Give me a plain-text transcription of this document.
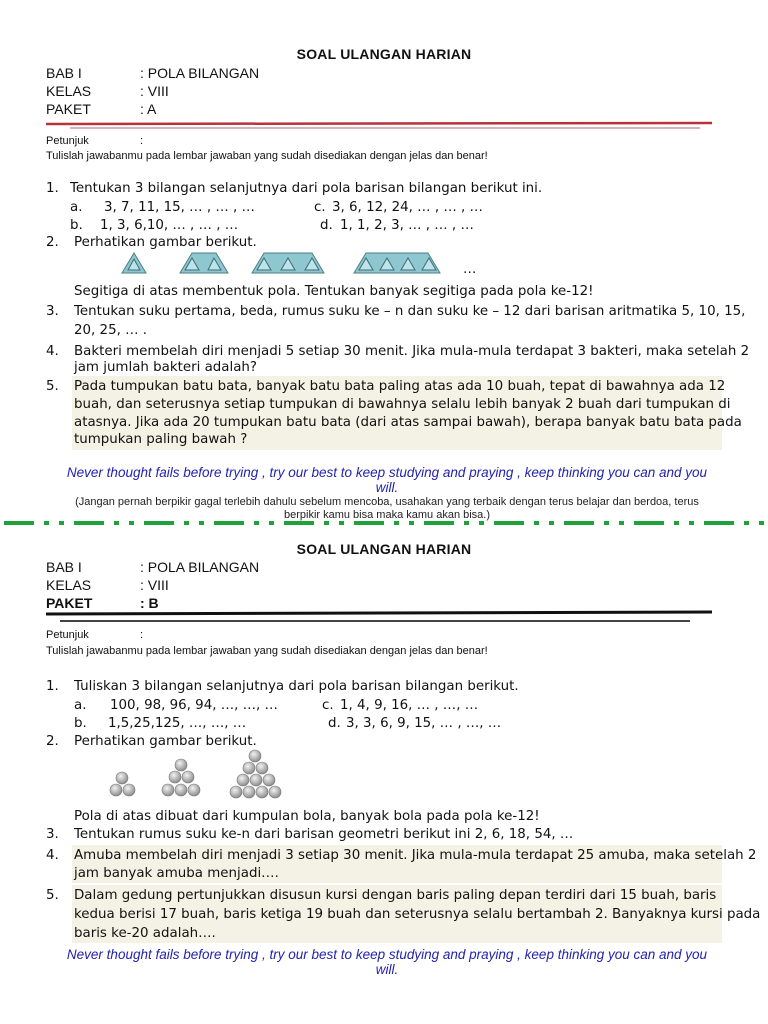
SOAL ULANGAN HARIAN
BAB I	: POLA BILANGAN
KELAS	: VIII
PAKET	: A
Petunjuk	:
Tulislah jawabanmu pada lembar jawaban yang sudah disediakan dengan jelas dan benar!
1. Tentukan 3 bilangan selanjutnya dari pola barisan bilangan berikut ini.
a. 3, 7, 11, 15, … , … , …	c. 3, 6, 12, 24, … , … , …
b. 1, 3, 6,10, … , … , …	d. 1, 1, 2, 3, … , … , …
2. Perhatikan gambar berikut.
…
Segitiga di atas membentuk pola. Tentukan banyak segitiga pada pola ke-12!
3. Tentukan suku pertama, beda, rumus suku ke – n dan suku ke – 12 dari barisan aritmatika 5, 10, 15,
20, 25, … .
4. Bakteri membelah diri menjadi 5 setiap 30 menit. Jika mula-mula terdapat 3 bakteri, maka setelah 2
jam jumlah bakteri adalah?
5. Pada tumpukan batu bata, banyak batu bata paling atas ada 10 buah, tepat di bawahnya ada 12
buah, dan seterusnya setiap tumpukan di bawahnya selalu lebih banyak 2 buah dari tumpukan di
atasnya. Jika ada 20 tumpukan batu bata (dari atas sampai bawah), berapa banyak batu bata pada
tumpukan paling bawah ?
Never thought fails before trying , try our best to keep studying and praying , keep thinking you can and you
will.
(Jangan pernah berpikir gagal terlebih dahulu sebelum mencoba, usahakan yang terbaik dengan terus belajar dan berdoa, terus
berpikir kamu bisa maka kamu akan bisa.)
SOAL ULANGAN HARIAN
BAB I	: POLA BILANGAN
KELAS	: VIII
PAKET	: B
Petunjuk	:
Tulislah jawabanmu pada lembar jawaban yang sudah disediakan dengan jelas dan benar!
1. Tuliskan 3 bilangan selanjutnya dari pola barisan bilangan berikut.
a. 100, 98, 96, 94, …, …, …	c. 1, 4, 9, 16, … , …, …
b. 1,5,25,125, …, …, …	d. 3, 3, 6, 9, 15, … , …, …
2. Perhatikan gambar berikut.
Pola di atas dibuat dari kumpulan bola, banyak bola pada pola ke-12!
3. Tentukan rumus suku ke-n dari barisan geometri berikut ini 2, 6, 18, 54, …
4. Amuba membelah diri menjadi 3 setiap 30 menit. Jika mula-mula terdapat 25 amuba, maka setelah 2
jam banyak amuba menjadi….
5. Dalam gedung pertunjukkan disusun kursi dengan baris paling depan terdiri dari 15 buah, baris
kedua berisi 17 buah, baris ketiga 19 buah dan seterusnya selalu bertambah 2. Banyaknya kursi pada
baris ke-20 adalah….
Never thought fails before trying , try our best to keep studying and praying , keep thinking you can and you
will.
